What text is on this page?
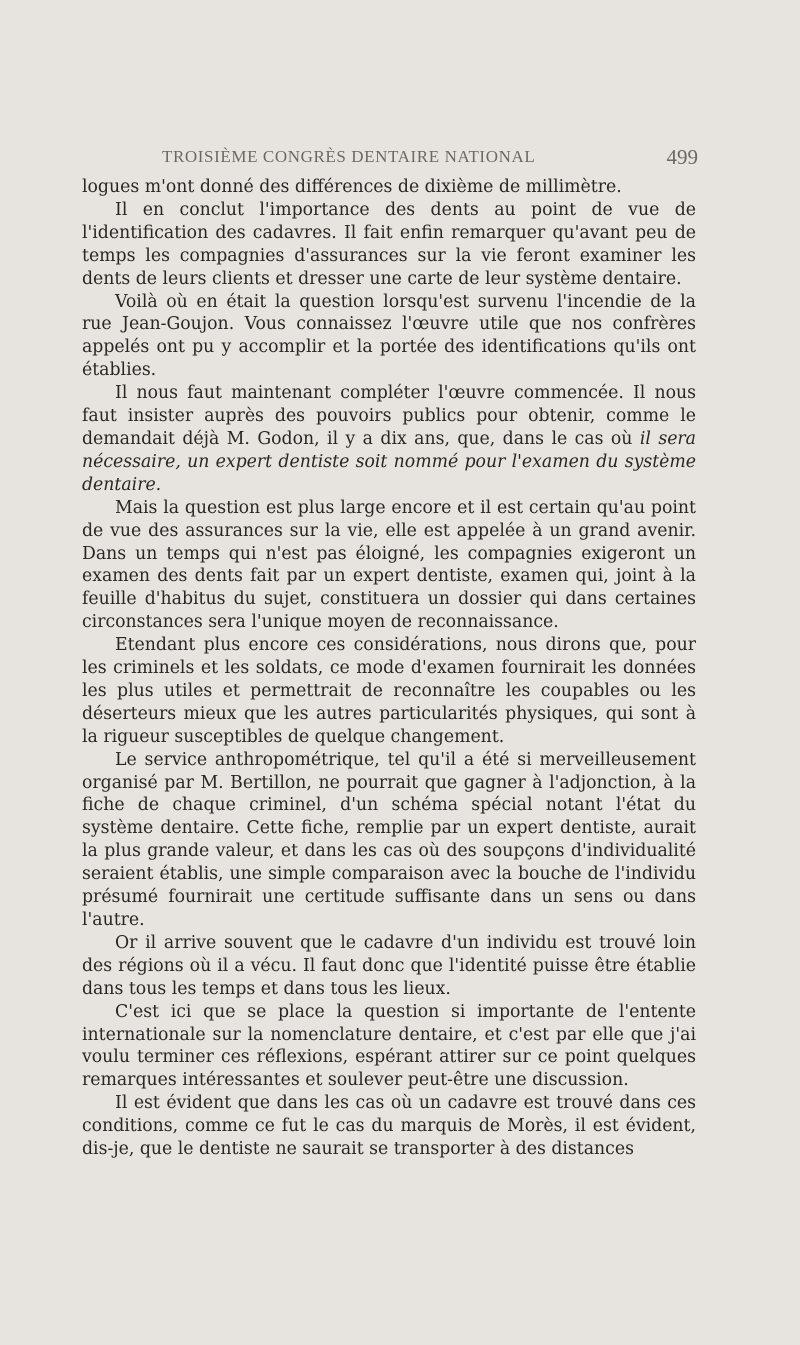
TROISIÈME CONGRÈS DENTAIRE NATIONAL	499

logues m'ont donné des différences de dixième de millimètre.

Il en conclut l'importance des dents au point de vue de l'identification des cadavres. Il fait enfin remarquer qu'avant peu de temps les compagnies d'assurances sur la vie feront examiner les dents de leurs clients et dresser une carte de leur système dentaire.

Voilà où en était la question lorsqu'est survenu l'incendie de la rue Jean-Goujon. Vous connaissez l'œuvre utile que nos confrères appelés ont pu y accomplir et la portée des identifications qu'ils ont établies.

Il nous faut maintenant compléter l'œuvre commencée. Il nous faut insister auprès des pouvoirs publics pour obtenir, comme le demandait déjà M. Godon, il y a dix ans, que, dans le cas où il sera nécessaire, un expert dentiste soit nommé pour l'examen du système dentaire.

Mais la question est plus large encore et il est certain qu'au point de vue des assurances sur la vie, elle est appelée à un grand avenir. Dans un temps qui n'est pas éloigné, les compagnies exigeront un examen des dents fait par un expert dentiste, examen qui, joint à la feuille d'habitus du sujet, constituera un dossier qui dans certaines circonstances sera l'unique moyen de reconnaissance.

Etendant plus encore ces considérations, nous dirons que, pour les criminels et les soldats, ce mode d'examen fournirait les données les plus utiles et permettrait de reconnaître les coupables ou les déserteurs mieux que les autres particularités physiques, qui sont à la rigueur susceptibles de quelque changement.

Le service anthropométrique, tel qu'il a été si merveilleusement organisé par M. Bertillon, ne pourrait que gagner à l'adjonction, à la fiche de chaque criminel, d'un schéma spécial notant l'état du système dentaire. Cette fiche, remplie par un expert dentiste, aurait la plus grande valeur, et dans les cas où des soupçons d'individualité seraient établis, une simple comparaison avec la bouche de l'individu présumé fournirait une certitude suffisante dans un sens ou dans l'autre.

Or il arrive souvent que le cadavre d'un individu est trouvé loin des régions où il a vécu. Il faut donc que l'identité puisse être établie dans tous les temps et dans tous les lieux.

C'est ici que se place la question si importante de l'entente internationale sur la nomenclature dentaire, et c'est par elle que j'ai voulu terminer ces réflexions, espérant attirer sur ce point quelques remarques intéressantes et soulever peut-être une discussion.

Il est évident que dans les cas où un cadavre est trouvé dans ces conditions, comme ce fut le cas du marquis de Morès, il est évident, dis-je, que le dentiste ne saurait se transporter à des distances
